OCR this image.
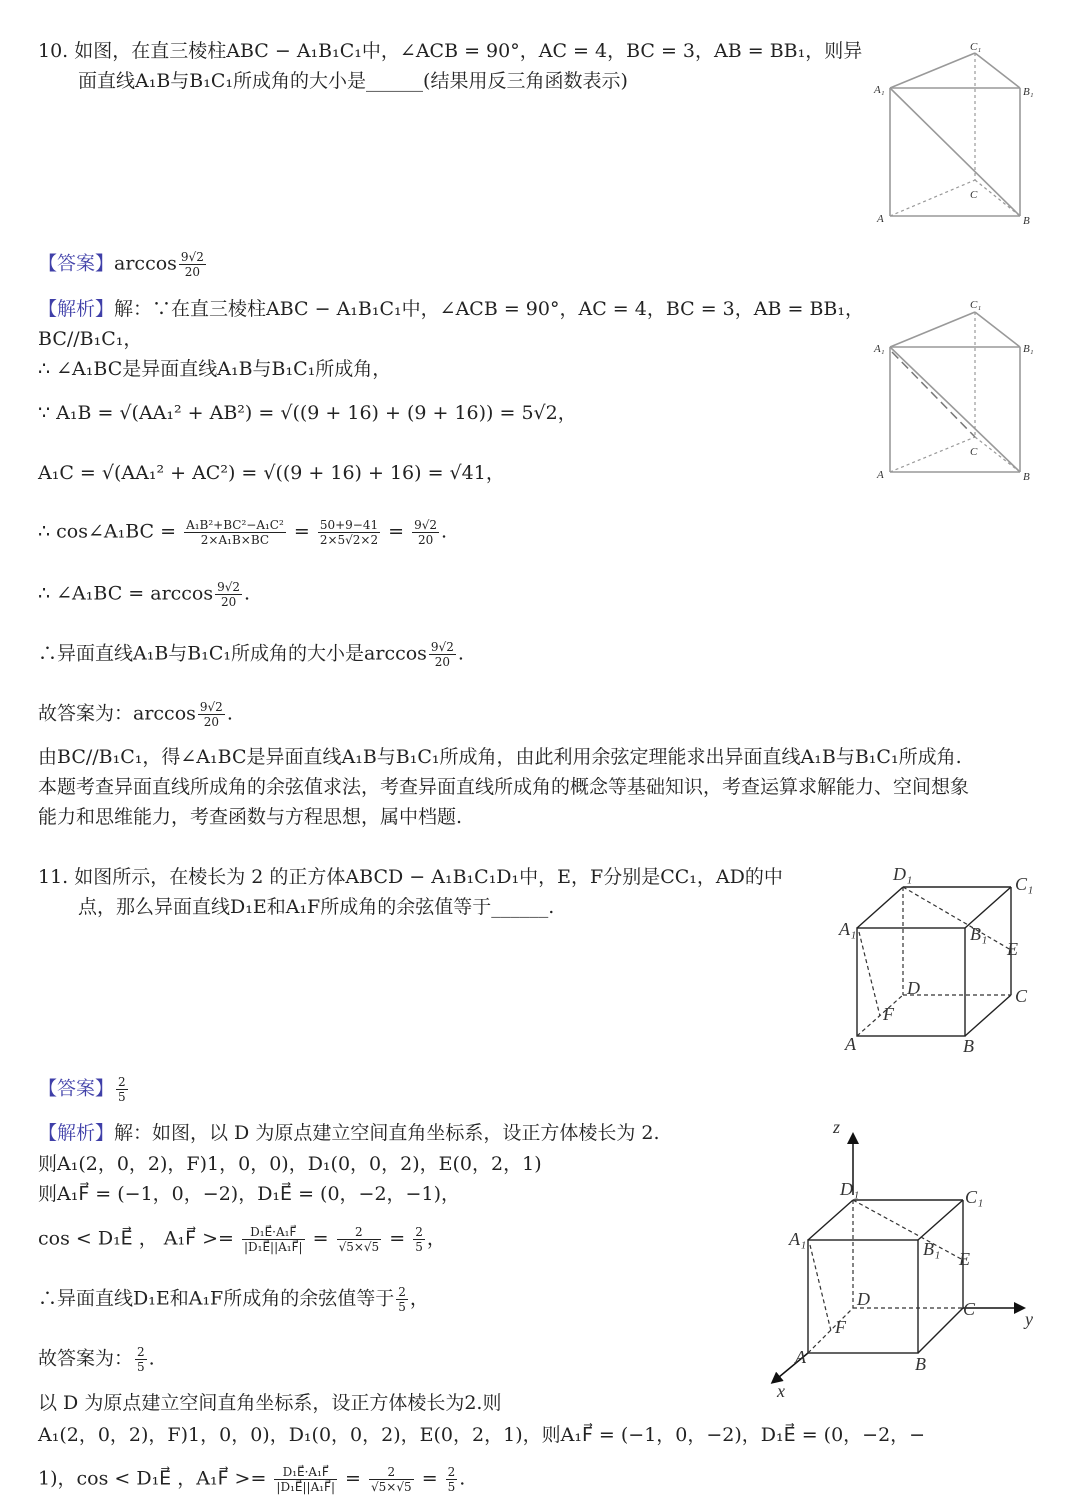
10. 如图，在直三棱柱ABC − A₁B₁C₁中，∠ACB = 90°，AC = 4，BC = 3，AB = BB₁，则异
面直线A₁B与B₁C₁所成角的大小是______(结果用反三角函数表示)	A₁	B₁
C₁
A	B
C
【答案】$\arccos \frac{9√2}{20}$
【解析】解：∵在直三棱柱ABC − A₁B₁C₁中，∠ACB = 90°，AC = 4，BC = 3，AB = BB₁，
BC//B₁C₁，
∴ ∠A₁BC是异面直线A₁B与B₁C₁所成角，
A₁	B₁
C₁
A	B
C
∵ A₁B = √(AA₁² + AB²) = √((9 + 16) + (9 + 16)) = 5√2，
A₁C = √(AA₁² + AC²) = √((9 + 16) + 16) = √41，
∴ cos∠A₁BC = $\frac{\text{A₁B²+BC²−A₁C²}}{\text{2×A₁B×BC}} = \frac{50+9-41}{2\times 5√2\times 2} = \frac{9√2}{20}$ .
∴ ∠A₁BC = $\arccos \frac{9√2}{20}$ .
∴异面直线A₁B与B₁C₁所成角的大小是$\arccos \frac{9√2}{20}$ .
故答案为：$\arccos \frac{9√2}{20}$ .
由BC//B₁C₁，得∠A₁BC是异面直线A₁B与B₁C₁所成角，由此利用余弦定理能求出异面直线A₁B与B₁C₁所成角.
本题考查异面直线所成角的余弦值求法，考查异面直线所成角的概念等基础知识，考查运算求解能力、空间想象
能力和思维能力，考查函数与方程思想，属中档题.
11. 如图所示，在棱长为 2 的正方体ABCD − A₁B₁C₁D₁中，E，F分别是CC₁，AD的中
点，那么异面直线D₁E和A₁F所成角的余弦值等于______.
D₁	C₁
A₁	B₁
E
D	C
F
A	B
【答案】 $\frac{2}{5}$
【解析】解：如图，以 D 为原点建立空间直角坐标系，设正方体棱长为 2.
则A₁(2，0，2)，F)1，0，0)，D₁(0，0，2)，E(0，2，1)
则A₁F⃗ = (−1，0，−2)，D₁E⃗ = (0，−2，−1)，
cos < D₁E⃗ ， A₁F⃗ >= $\frac{\text{D₁E⃗·A₁F⃗}}{\text{|D₁E⃗||A₁F⃗|}} = \frac{2}{√5\times√5} = \frac{2}{5}$ ，
∴异面直线D₁E和A₁F所成角的余弦值等于 $\frac{2}{5}$ ，
故答案为： $\frac{2}{5}$ .
z
y
x
D₁	C₁
A₁	B₁ E
D	C
F
A	B
以 D 为原点建立空间直角坐标系，设正方体棱长为2.则
A₁(2，0，2)，F)1，0，0)，D₁(0，0，2)，E(0，2，1)，则A₁F⃗ = (−1，0，−2)，D₁E⃗ = (0，−2，−
1)，cos < D₁E⃗ ，A₁F⃗ >= $\frac{\text{D₁E⃗·A₁F⃗}}{\text{|D₁E⃗||A₁F⃗|}} = \frac{2}{√5\times√5} = \frac{2}{5}$ .
